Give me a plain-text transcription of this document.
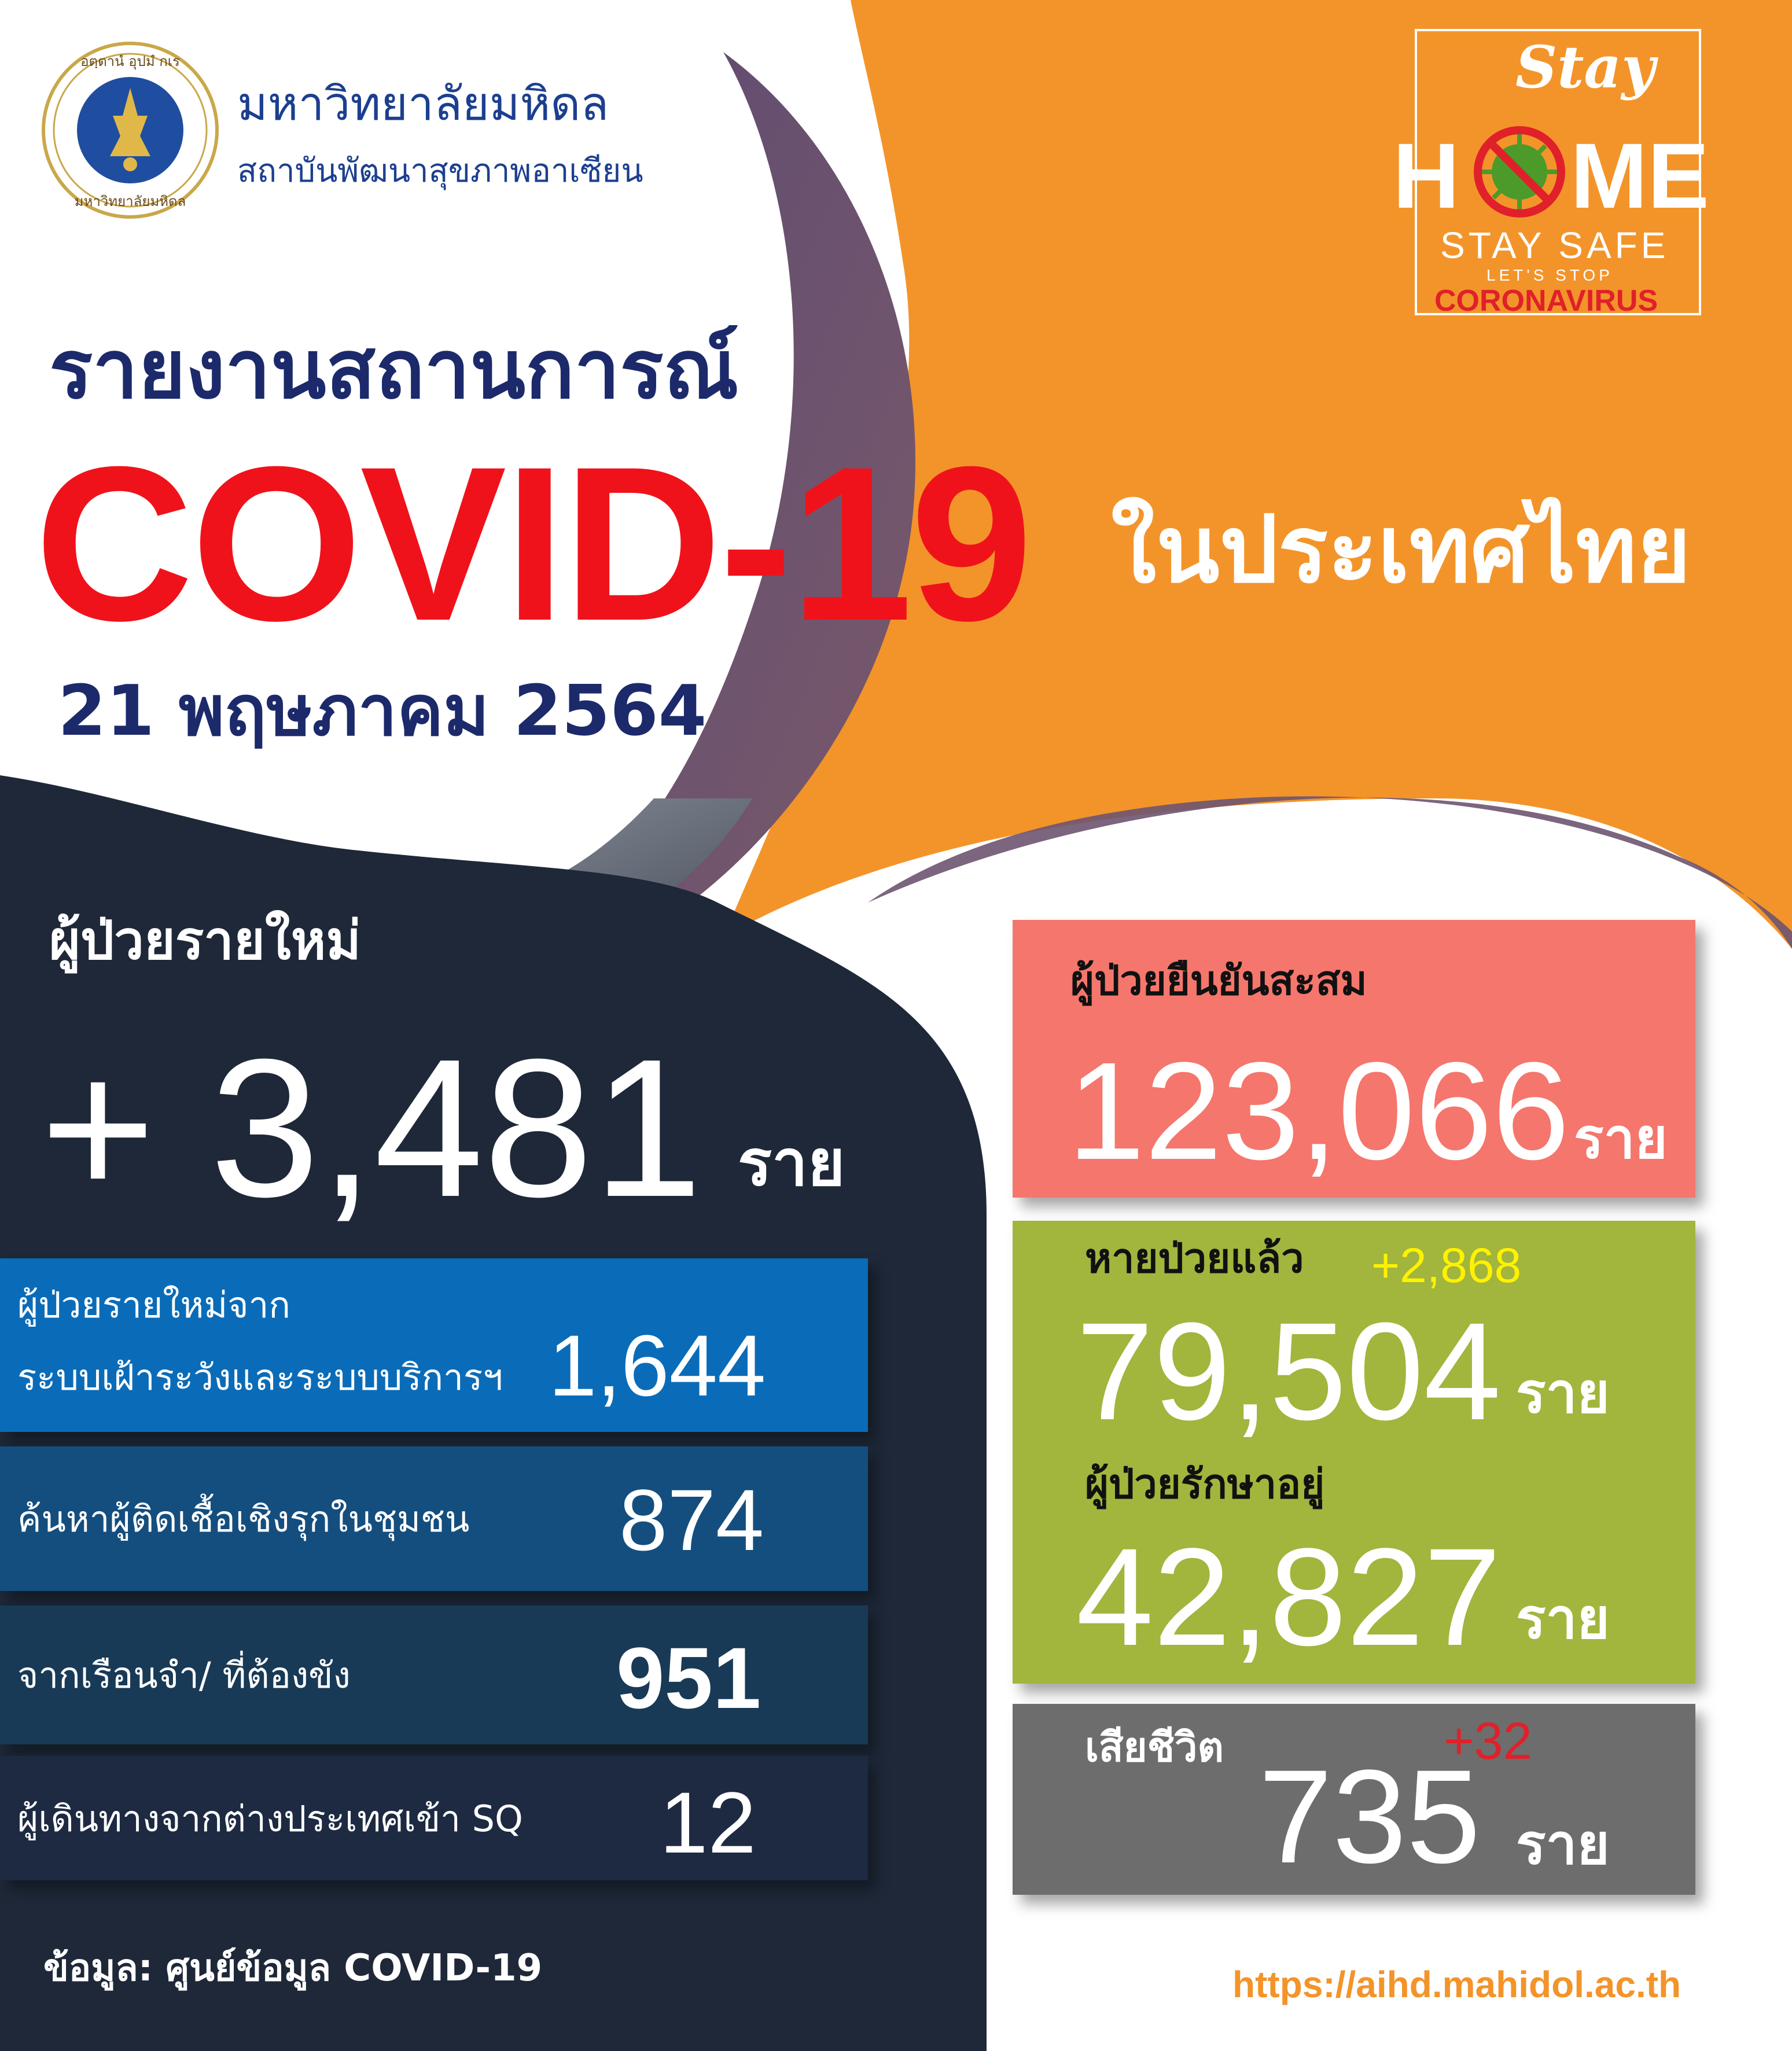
อตฺตานํ อุปมํ กเร
มหาวิทยาลัยมหิดล
มหาวิทยาลัยมหิดล
สถาบันพัฒนาสุขภาพอาเซียน
Stay
H ME
STAY SAFE
LET'S STOP
CORONAVIRUS
รายงานสถานการณ์
COVID-19 ในประเทศไทย
21 พฤษภาคม 2564
ผู้ป่วยรายใหม่
+ 3,481 ราย
ผู้ป่วยรายใหม่จาก
ระบบเฝ้าระวังและระบบบริการฯ 1,644
ค้นหาผู้ติดเชื้อเชิงรุกในชุมชน 874
จากเรือนจำ/ ที่ต้องขัง	951
ผู้เดินทางจากต่างประเทศเข้า SQ 12
ข้อมูล: ศูนย์ข้อมูล COVID-19
ผู้ป่วยยืนยันสะสม
123,066 ราย
หายป่วยแล้ว +2,868
79,504 ราย
ผู้ป่วยรักษาอยู่
42,827 ราย
เสียชีวิต 735
+32
ราย
https://aihd.mahidol.ac.th
